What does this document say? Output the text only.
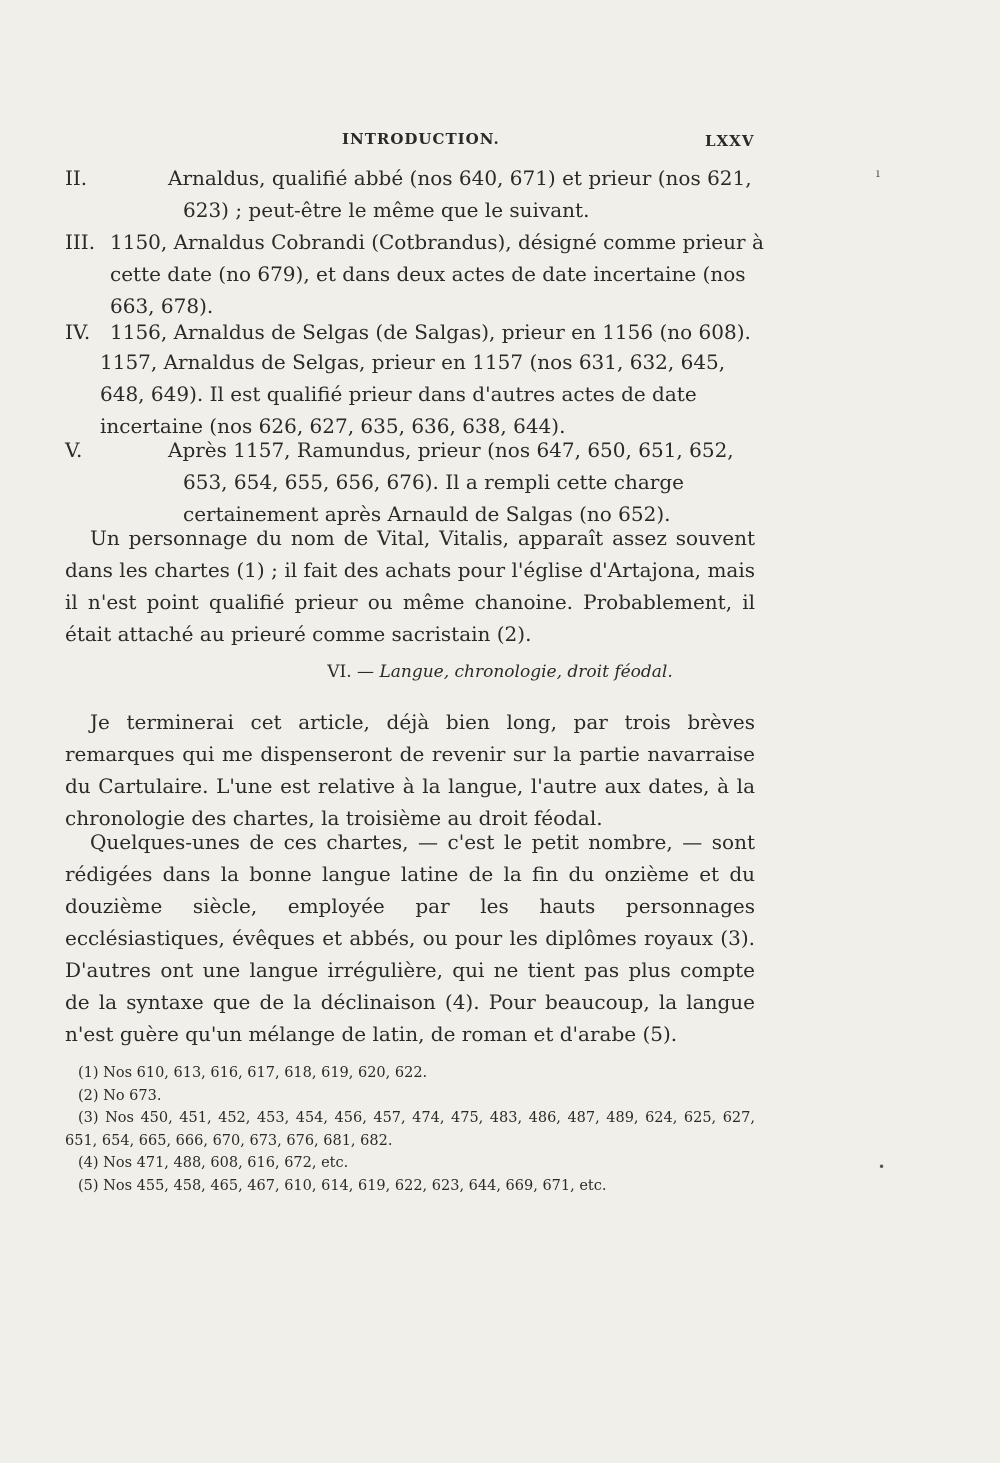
INTRODUCTION.	LXXV
II.	Arnaldus, qualifié abbé (nos 640, 671) et prieur (nos 621, 623) ; peut-être le même que le suivant.
III. 1150, Arnaldus Cobrandi (Cotbrandus), désigné comme prieur à cette date (no 679), et dans deux actes de date incertaine (nos 663, 678).
IV. 1156, Arnaldus de Selgas (de Salgas), prieur en 1156 (no 608).
1157, Arnaldus de Selgas, prieur en 1157 (nos 631, 632, 645, 648, 649). Il est qualifié prieur dans d'autres actes de date incertaine (nos 626, 627, 635, 636, 638, 644).
V.	Après 1157, Ramundus, prieur (nos 647, 650, 651, 652, 653, 654, 655, 656, 676). Il a rempli cette charge certainement après Arnauld de Salgas (no 652).

Un personnage du nom de Vital, Vitalis, apparaît assez souvent dans les chartes (1) ; il fait des achats pour l'église d'Artajona, mais il n'est point qualifié prieur ou même chanoine. Probablement, il était attaché au prieuré comme sacristain (2).

VI. — Langue, chronologie, droit féodal.

Je terminerai cet article, déjà bien long, par trois brèves remarques qui me dispenseront de revenir sur la partie navarraise du Cartulaire. L'une est relative à la langue, l'autre aux dates, à la chronologie des chartes, la troisième au droit féodal.

Quelques-unes de ces chartes, — c'est le petit nombre, — sont rédigées dans la bonne langue latine de la fin du onzième et du douzième siècle, employée par les hauts personnages ecclésiastiques, évêques et abbés, ou pour les diplômes royaux (3). D'autres ont une langue irrégulière, qui ne tient pas plus compte de la syntaxe que de la déclinaison (4). Pour beaucoup, la langue n'est guère qu'un mélange de latin, de roman et d'arabe (5).

(1) Nos 610, 613, 616, 617, 618, 619, 620, 622.

(2) No 673.

(3) Nos 450, 451, 452, 453, 454, 456, 457, 474, 475, 483, 486, 487, 489, 624, 625, 627, 651, 654, 665, 666, 670, 673, 676, 681, 682.

(4) Nos 471, 488, 608, 616, 672, etc.

(5) Nos 455, 458, 465, 467, 610, 614, 619, 622, 623, 644, 669, 671, etc.

ı
•
